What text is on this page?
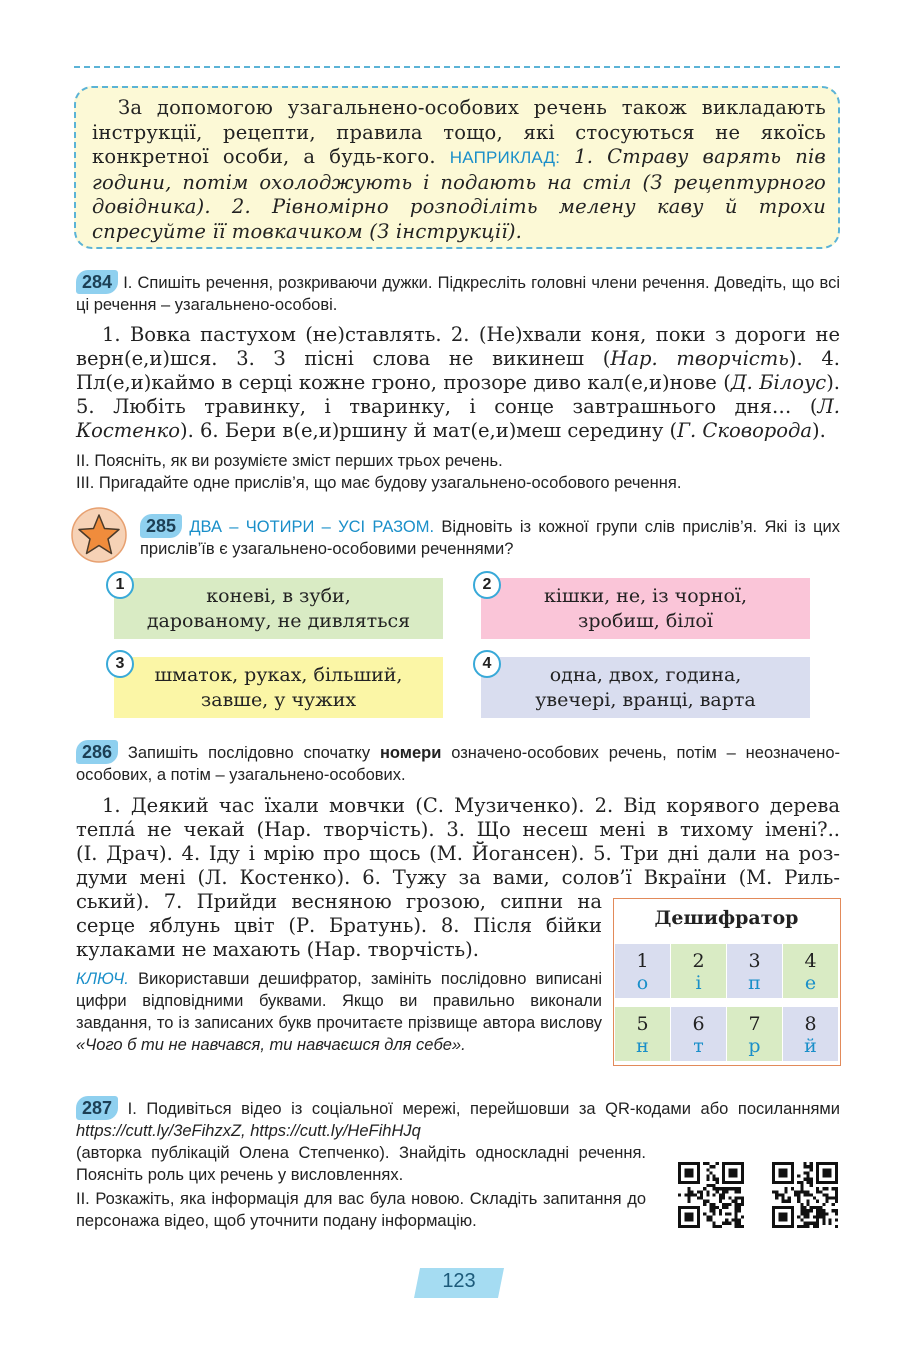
За допомогою узагальнено-особових речень також викладають інструкції, рецепти, правила тощо, які стосуються не якоїсь конкретної особи, а будь-кого. НАПРИКЛАД: 1. Страву варять пів години, потім охолоджують і подають на стіл (З рецептурного довідника). 2. Рівномірно розподіліть мелену каву й трохи спресуйте її товкачиком (З інструкції).
284 I. Спишіть речення, розкриваючи дужки. Підкресліть головні члени речення. Доведіть, що всі ці речення – узагальнено-особові.
1. Вовка пастухом (не)ставлять. 2. (Не)хвали коня, поки з дороги не верн(е,и)шся. 3. З пісні слова не викинеш (Нар. творчість). 4. Пл(е,и)каймо в серці кожне гроно, прозоре диво кал(е,и)нове (Д. Білоус). 5. Любіть травинку, і тваринку, і сонце завтрашнього дня… (Л. Костенко). 6. Бери в(е,и)ршину й мат(е,и)меш середину (Г. Сковорода).
II. Поясніть, як ви розумієте зміст перших трьох речень.
III. Пригадайте одне прислів’я, що має будову узагальнено-особового речення.
285 ДВА – ЧОТИРИ – УСІ РАЗОМ. Відновіть із кожної групи слів прислів’я. Які із цих прислів’їв є узагальнено-особовими реченнями?
коневі, в зуби,
дарованому, не дивляться
1	кішки, не, із чорної,
зробиш, білої
2
шматок, руках, більший,
завше, у чужих
3	одна, двох, година,
увечері, вранці, варта
4
286 Запишіть послідовно спочатку номери означено-особових речень, потім – неозначено-особових, а потім – узагальнено-особових.
1. Деякий час їхали мовчки (С. Музиченко). 2. Від корявого дерева
тепла́ не чекай (Нар. творчість). 3. Що несеш мені в тихому імені?..
(І. Драч). 4. Іду і мрію про щось (М. Йогансен). 5. Три дні дали на роз-
думи мені (Л. Костенко). 6. Тужу за вами, солов’ї Вкраїни (М. Риль-
ський). 7. Прийди весняною грозою, сипни на
серце яблунь цвіт (Р. Братунь). 8. Після бійки
кулаками не махають (Нар. творчість).
КЛЮЧ. Використавши дешифратор, замініть послідовно виписані цифри відповідними буквами. Якщо ви правильно виконали завдання, то із записаних букв прочитаєте прізвище автора вислову «Чого б ти не навчався, ти навчаєшся для себе».
Дешифратор
1
о
2
і
3
п
4
е
5
н
6
т
7
р
8
й
287 I. Подивіться відео із соціальної мережі, перейшовши за QR-кодами або посиланнями https://cutt.ly/3eFihzxZ, https://cutt.ly/HeFihHJq
(авторка публікацій Олена Степченко). Знайдіть односкладні речення. Поясніть роль цих речень у висловленнях.
II. Розкажіть, яка інформація для вас була новою. Складіть запитання до персонажа відео, щоб уточнити подану інформацію.
123
